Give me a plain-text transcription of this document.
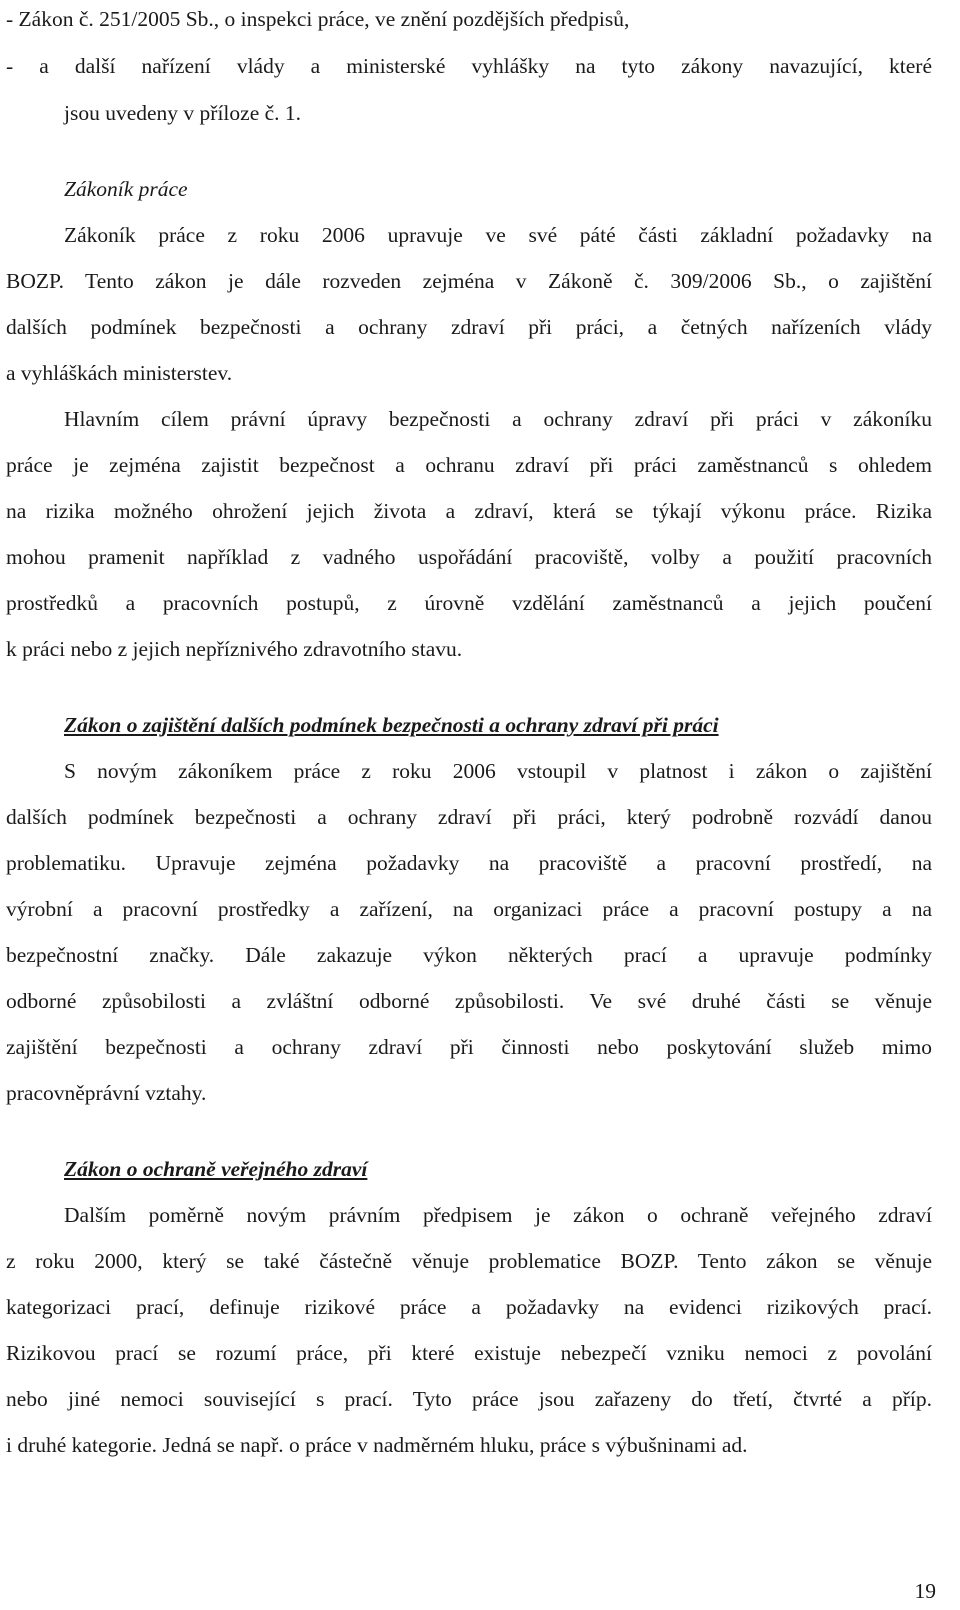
- Zákon č. 251/2005 Sb., o inspekci práce, ve znění pozdějších předpisů,
- a další nařízení vlády a ministerské vyhlášky na tyto zákony navazující, které
jsou uvedeny v příloze č. 1.
Zákoník práce
Zákoník práce z roku 2006 upravuje ve své páté části základní požadavky na
BOZP. Tento zákon je dále rozveden zejména v Zákoně č. 309/2006 Sb., o zajištění
dalších podmínek bezpečnosti a ochrany zdraví při práci, a četných nařízeních vlády
a vyhláškách ministerstev.
Hlavním cílem právní úpravy bezpečnosti a ochrany zdraví při práci v zákoníku
práce je zejména zajistit bezpečnost a ochranu zdraví při práci zaměstnanců s ohledem
na rizika možného ohrožení jejich života a zdraví, která se týkají výkonu práce. Rizika
mohou pramenit například z vadného uspořádání pracoviště, volby a použití pracovních
prostředků a pracovních postupů, z úrovně vzdělání zaměstnanců a jejich poučení
k práci nebo z jejich nepříznivého zdravotního stavu.
Zákon o zajištění dalších podmínek bezpečnosti a ochrany zdraví při práci
S novým zákoníkem práce z roku 2006 vstoupil v platnost i zákon o zajištění
dalších podmínek bezpečnosti a ochrany zdraví při práci, který podrobně rozvádí danou
problematiku. Upravuje zejména požadavky na pracoviště a pracovní prostředí, na
výrobní a pracovní prostředky a zařízení, na organizaci práce a pracovní postupy a na
bezpečnostní značky. Dále zakazuje výkon některých prací a upravuje podmínky
odborné způsobilosti a zvláštní odborné způsobilosti. Ve své druhé části se věnuje
zajištění bezpečnosti a ochrany zdraví při činnosti nebo poskytování služeb mimo
pracovněprávní vztahy.
Zákon o ochraně veřejného zdraví
Dalším poměrně novým právním předpisem je zákon o ochraně veřejného zdraví
z roku 2000, který se také částečně věnuje problematice BOZP. Tento zákon se věnuje
kategorizaci prací, definuje rizikové práce a požadavky na evidenci rizikových prací.
Rizikovou prací se rozumí práce, při které existuje nebezpečí vzniku nemoci z povolání
nebo jiné nemoci související s prací. Tyto práce jsou zařazeny do třetí, čtvrté a příp.
i druhé kategorie. Jedná se např. o práce v nadměrném hluku, práce s výbušninami ad.
19
